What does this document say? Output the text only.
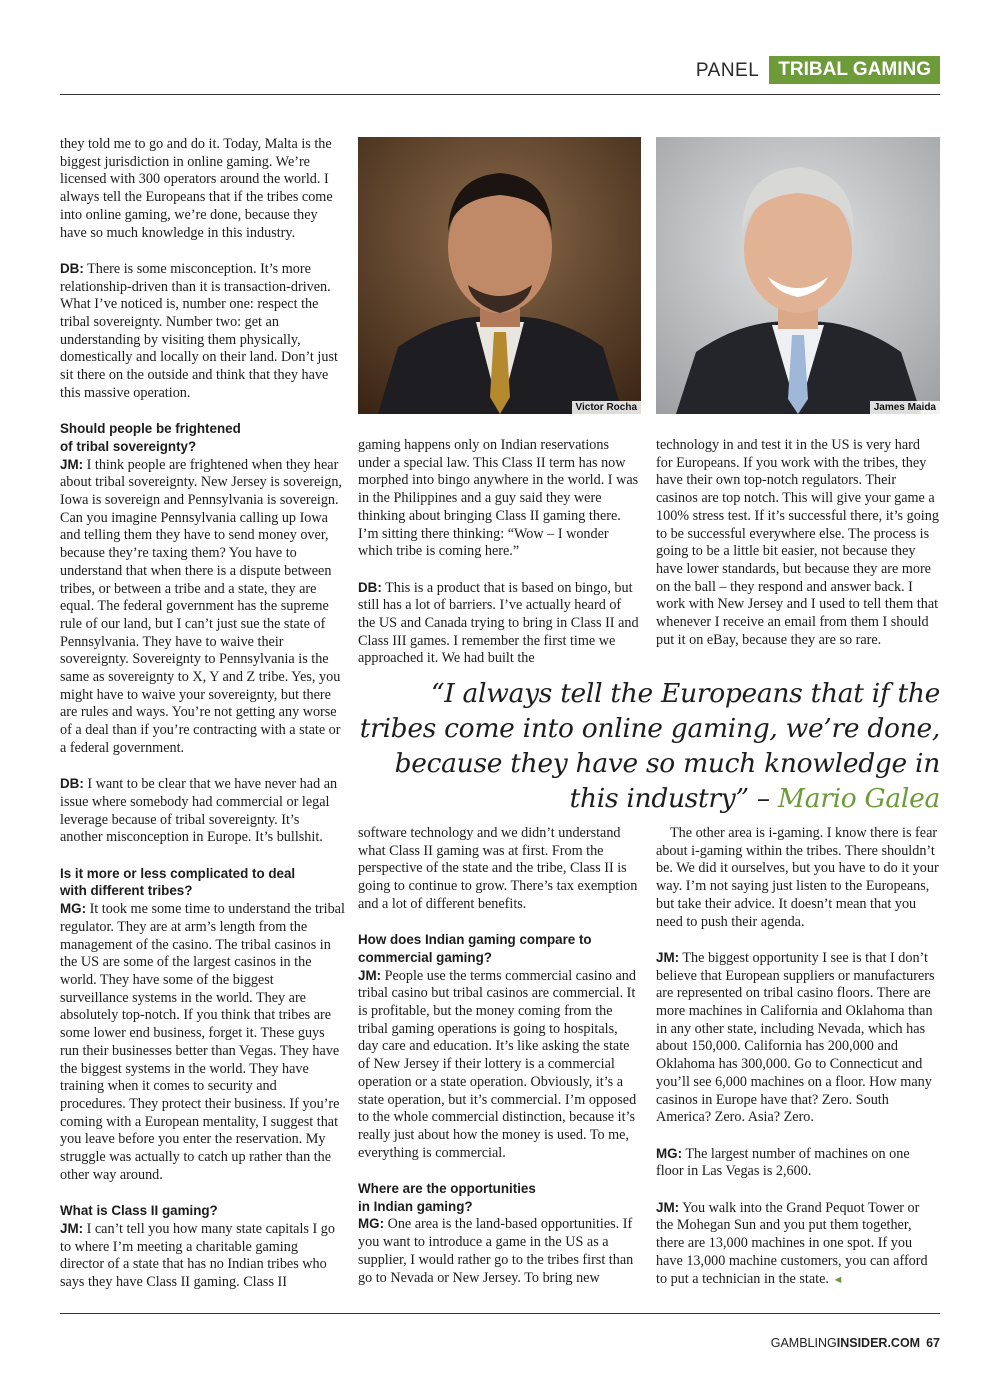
PANEL	TRIBAL GAMING

they told me to go and do it. Today, Malta is the biggest jurisdiction in online gaming. We’re licensed with 300 operators around the world. I always tell the Europeans that if the tribes come into online gaming, we’re done, because they have so much knowledge in this industry.

DB: There is some misconception. It’s more relationship-driven than it is transaction-driven. What I’ve noticed is, number one: respect the tribal sovereignty. Number two: get an understanding by visiting them physically, domestically and locally on their land. Don’t just sit there on the outside and think that they have this massive operation.

Should people be frightened
of tribal sovereignty?

JM: I think people are frightened when they hear about tribal sovereignty. New Jersey is sovereign, Iowa is sovereign and Pennsylvania is sovereign. Can you imagine Pennsylvania calling up Iowa and telling them they have to send money over, because they’re taxing them? You have to understand that when there is a dispute between tribes, or between a tribe and a state, they are equal. The federal government has the supreme rule of our land, but I can’t just sue the state of Pennsylvania. They have to waive their sovereignty. Sovereignty to Pennsylvania is the same as sovereignty to X, Y and Z tribe. Yes, you might have to waive your sovereignty, but there are rules and ways. You’re not getting any worse of a deal than if you’re contracting with a state or a federal government.

DB: I want to be clear that we have never had an issue where somebody had commercial or legal leverage because of tribal sovereignty. It’s another misconception in Europe. It’s bullshit.

Is it more or less complicated to deal
with different tribes?

MG: It took me some time to understand the tribal regulator. They are at arm’s length from the management of the casino. The tribal casinos in the US are some of the largest casinos in the world. They have some of the biggest surveillance systems in the world. They are absolutely top-notch. If you think that tribes are some lower end business, forget it. These guys run their businesses better than Vegas. They have the biggest systems in the world. They have training when it comes to security and procedures. They protect their business. If you’re coming with a European mentality, I suggest that you leave before you enter the reservation. My struggle was actually to catch up rather than the other way around.

What is Class II gaming?

JM: I can’t tell you how many state capitals I go to where I’m meeting a charitable gaming director of a state that has no Indian tribes who says they have Class II gaming. Class II

Victor Rocha	James Maida

gaming happens only on Indian reservations under a special law. This Class II term has now morphed into bingo anywhere in the world. I was in the Philippines and a guy said they were thinking about bringing Class II gaming there. I’m sitting there thinking: “Wow – I wonder which tribe is coming here.”

DB: This is a product that is based on bingo, but still has a lot of barriers. I’ve actually heard of the US and Canada trying to bring in Class II and Class III games. I remember the first time we approached it. We had built the

technology in and test it in the US is very hard for Europeans. If you work with the tribes, they have their own top-notch regulators. Their casinos are top notch. This will give your game a 100% stress test. If it’s successful there, it’s going to be successful everywhere else. The process is going to be a little bit easier, not because they have lower standards, but because they are more on the ball – they respond and answer back. I work with New Jersey and I used to tell them that whenever I receive an email from them I should put it on eBay, because they are so rare.

“I always tell the Europeans that if the tribes come into online gaming, we’re done, because they have so much knowledge in this industry” – Mario Galea

software technology and we didn’t understand what Class II gaming was at first. From the perspective of the state and the tribe, Class II is going to continue to grow. There’s tax exemption and a lot of different benefits.

How does Indian gaming compare to
commercial gaming?

JM: People use the terms commercial casino and tribal casino but tribal casinos are commercial. It is profitable, but the money coming from the tribal gaming operations is going to hospitals, day care and education. It’s like asking the state of New Jersey if their lottery is a commercial operation or a state operation. Obviously, it’s a state operation, but it’s commercial. I’m opposed to the whole commercial distinction, because it’s really just about how the money is used. To me, everything is commercial.

Where are the opportunities
in Indian gaming?

MG: One area is the land-based opportunities. If you want to introduce a game in the US as a supplier, I would rather go to the tribes first than go to Nevada or New Jersey. To bring new

The other area is i-gaming. I know there is fear about i-gaming within the tribes. There shouldn’t be. We did it ourselves, but you have to do it your way. I’m not saying just listen to the Europeans, but take their advice. It doesn’t mean that you need to push their agenda.

JM: The biggest opportunity I see is that I don’t believe that European suppliers or manufacturers are represented on tribal casino floors. There are more machines in California and Oklahoma than in any other state, including Nevada, which has about 150,000. California has 200,000 and Oklahoma has 300,000. Go to Connecticut and you’ll see 6,000 machines on a floor. How many casinos in Europe have that? Zero. South America? Zero. Asia? Zero.

MG: The largest number of machines on one floor in Las Vegas is 2,600.

JM: You walk into the Grand Pequot Tower or the Mohegan Sun and you put them together, there are 13,000 machines in one spot. If you have 13,000 machine customers, you can afford to put a technician in the state. ◄

GAMBLINGINSIDER.COM 67
